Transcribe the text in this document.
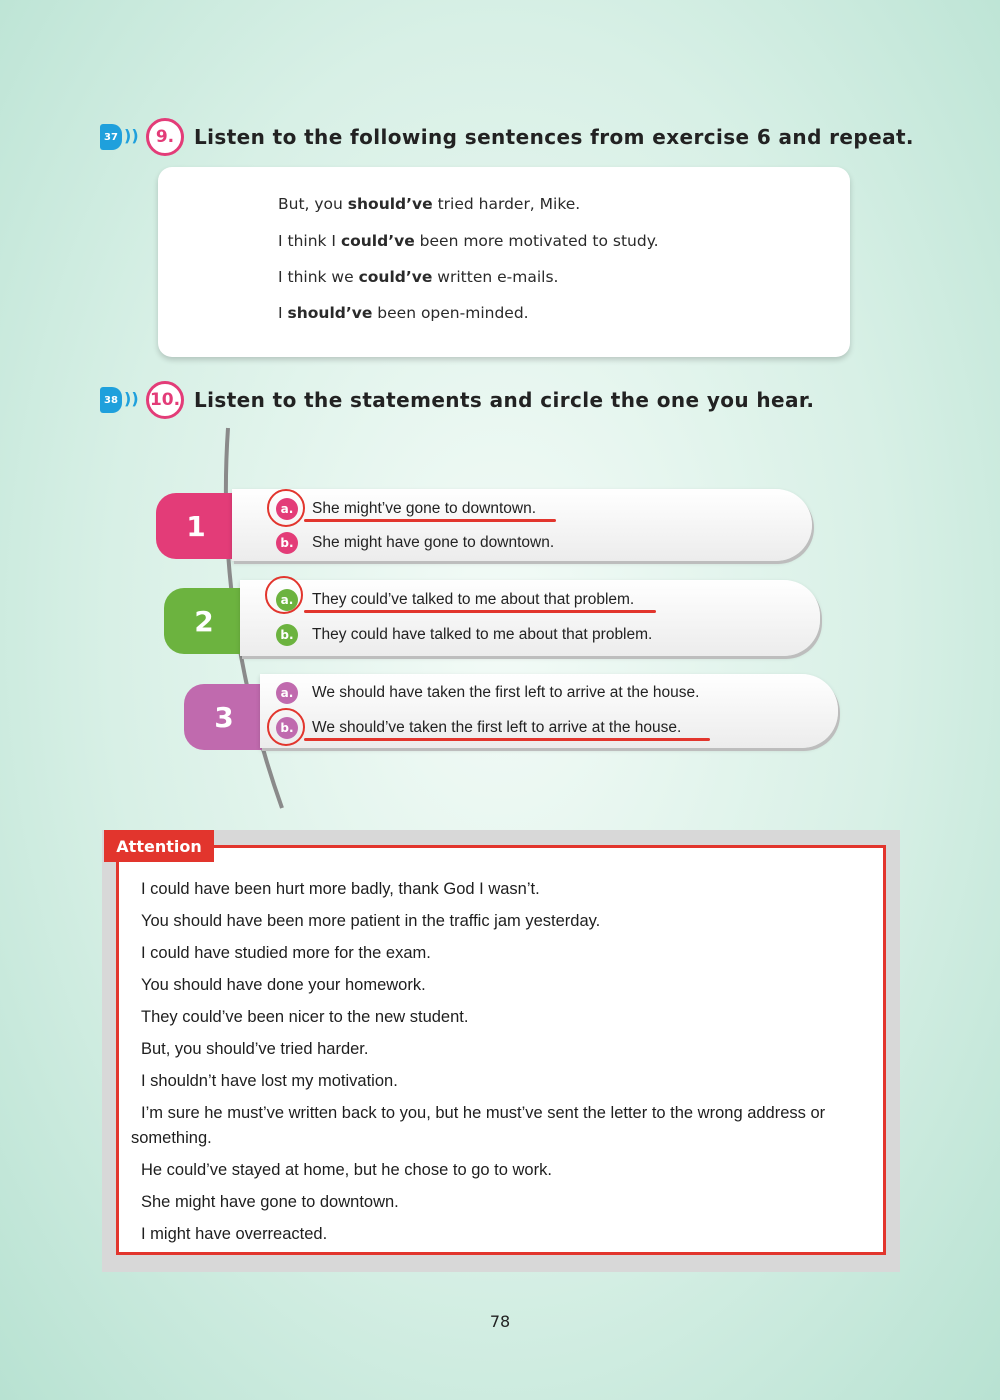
37 ))	9. Listen to the following sentences from exercise 6 and repeat.

But, you should’ve tried harder, Mike.

I think I could’ve been more motivated to study.

I think we could’ve written e-mails.

I should’ve been open-minded.

38 )) 10. Listen to the statements and circle the one you hear.
1
a.	She might’ve gone to downtown.
b. She might have gone to downtown.
2
a.	They could’ve talked to me about that problem.
b. They could have talked to me about that problem.
3
a.	We should have taken the first left to arrive at the house.
b. We should’ve taken the first left to arrive at the house.
Attention

I could have been hurt more badly, thank God I wasn’t.

You should have been more patient in the traffic jam yesterday.

I could have studied more for the exam.

You should have done your homework.

They could’ve been nicer to the new student.

But, you should’ve tried harder.

I shouldn’t have lost my motivation.

I’m sure he must’ve written back to you, but he must’ve sent the letter to the wrong address or something.

He could’ve stayed at home, but he chose to go to work.

She might have gone to downtown.

I might have overreacted.

78
